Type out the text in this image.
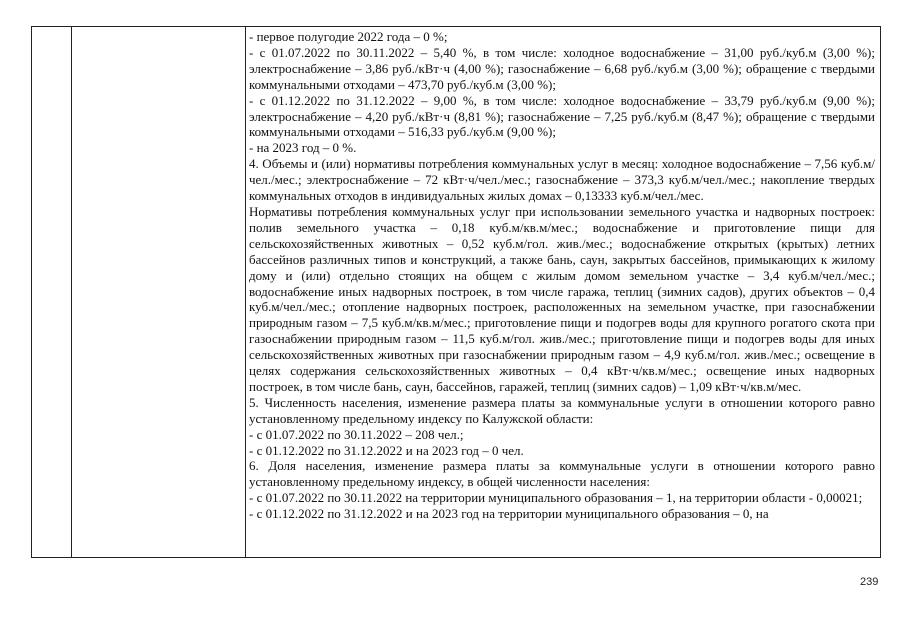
- первое полугодие 2022 года – 0 %;

- с 01.07.2022 по 30.11.2022 – 5,40 %, в том числе: холодное водоснабжение – 31,00 руб./куб.м (3,00 %); электроснабжение – 3,86 руб./кВт·ч (4,00 %); газоснабжение – 6,68 руб./куб.м (3,00 %); обращение с твердыми коммунальными отходами – 473,70 руб./куб.м (3,00 %);

- с 01.12.2022 по 31.12.2022 – 9,00 %, в том числе: холодное водоснабжение – 33,79 руб./куб.м (9,00 %); электроснабжение – 4,20 руб./кВт·ч (8,81 %); газоснабжение – 7,25 руб./куб.м (8,47 %); обращение с твердыми коммунальными отходами – 516,33 руб./куб.м (9,00 %);

- на 2023 год – 0 %.

4. Объемы и (или) нормативы потребления коммунальных услуг в месяц: холодное водоснабжение – 7,56 куб.м/чел./мес.; электроснабжение – 72 кВт·ч/чел./мес.; газоснабжение – 373,3 куб.м/чел./мес.; накопление твердых коммунальных отходов в индивидуальных жилых домах – 0,13333 куб.м/чел./мес.

Нормативы потребления коммунальных услуг при использовании земельного участка и надворных построек: полив земельного участка – 0,18 куб.м/кв.м/мес.; водоснабжение и приготовление пищи для сельскохозяйственных животных – 0,52 куб.м/гол. жив./мес.; водоснабжение открытых (крытых) летних бассейнов различных типов и конструкций, а также бань, саун, закрытых бассейнов, примыкающих к жилому дому и (или) отдельно стоящих на общем с жилым домом земельном участке – 3,4 куб.м/чел./мес.; водоснабжение иных надворных построек, в том числе гаража, теплиц (зимних садов), других объектов – 0,4 куб.м/чел./мес.; отопление надворных построек, расположенных на земельном участке, при газоснабжении природным газом – 7,5 куб.м/кв.м/мес.; приготовление пищи и подогрев воды для крупного рогатого скота при газоснабжении природным газом – 11,5 куб.м/гол. жив./мес.; приготовление пищи и подогрев воды для иных сельскохозяйственных животных при газоснабжении природным газом – 4,9 куб.м/гол. жив./мес.; освещение в целях содержания сельскохозяйственных животных – 0,4 кВт·ч/кв.м/мес.; освещение иных надворных построек, в том числе бань, саун, бассейнов, гаражей, теплиц (зимних садов) – 1,09 кВт·ч/кв.м/мес.

5. Численность населения, изменение размера платы за коммунальные услуги в отношении которого равно установленному предельному индексу по Калужской области:

- с 01.07.2022 по 30.11.2022 – 208 чел.;

- с 01.12.2022 по 31.12.2022 и на 2023 год – 0 чел.

6. Доля населения, изменение размера платы за коммунальные услуги в отношении которого равно установленному предельному индексу, в общей численности населения:

- с 01.07.2022 по 30.11.2022 на территории муниципального образования – 1, на территории области - 0,00021;

- с 01.12.2022 по 31.12.2022 и на 2023 год на территории муниципального образования – 0, на

239
